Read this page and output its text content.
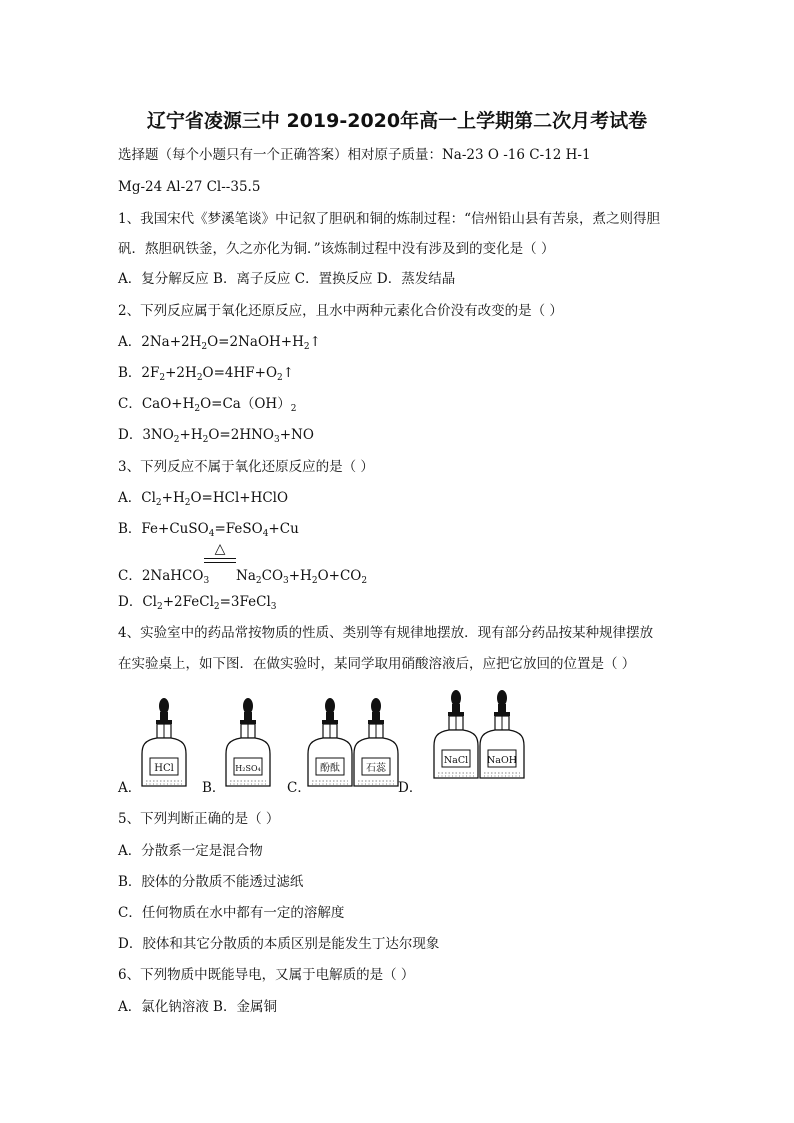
辽宁省凌源三中 2019-2020年高一上学期第二次月考试卷
选择题（每个小题只有一个正确答案）相对原子质量：Na-23 O -16 C-12 H-1
Mg-24 Al-27 Cl--35.5
1、我国宋代《梦溪笔谈》中记叙了胆矾和铜的炼制过程：“信州铅山县有苦泉，煮之则得胆
矾．熬胆矾铁釜，久之亦化为铜．”该炼制过程中没有涉及到的变化是（ ）
A．复分解反应 B．离子反应 C．置换反应 D．蒸发结晶
2、下列反应属于氧化还原反应，且水中两种元素化合价没有改变的是（ ）
A．$2Na+2H_2O=2NaOH+H_2↑$
B．$2F_2+2H_2O=4HF+O_2↑$
C．$CaO+H_2O=Ca(OH)_2$
D．$3NO_2+H_2O=2HNO_3+NO$
3、下列反应不属于氧化还原反应的是（ ）
A．$Cl_2+H_2O=HCl+HClO$
B．Fe+CuSO$_4$=FeSO$_4$+Cu
△
C．2NaHCO$_3$ $Na_2CO_3+H_2O+CO_2$
D．$Cl_2+2FeCl_2=3FeCl_3$
4、实验室中的药品常按物质的性质、类别等有规律地摆放．现有部分药品按某种规律摆放
在实验桌上，如下图．在做实验时，某同学取用硝酸溶液后，应把它放回的位置是（ ）
HCl	H₂SO₄	酚酞	石蕊
NaCl NaOH
A．	B．	C．	D．
5、下列判断正确的是（ ）
A．分散系一定是混合物
B．胶体的分散质不能透过滤纸
C．任何物质在水中都有一定的溶解度
D．胶体和其它分散质的本质区别是能发生丁达尔现象
6、下列物质中既能导电，又属于电解质的是（ ）
A．氯化钠溶液 B．金属铜
